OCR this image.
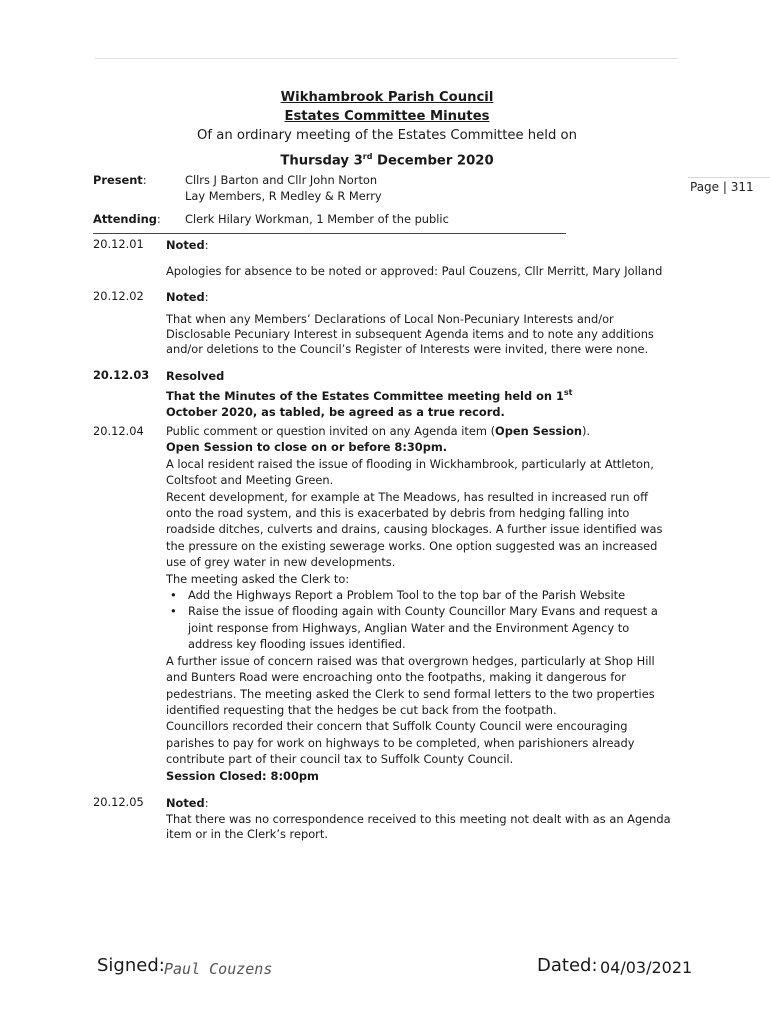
Page | 311
Wikhambrook Parish Council
Estates Committee Minutes
Of an ordinary meeting of the Estates Committee held on
Thursday 3rd December 2020
Present:	Cllrs J Barton and Cllr John Norton
Lay Members, R Medley & R Merry
Attending: Clerk Hilary Workman, 1 Member of the public
20.12.01 Noted:
Apologies for absence to be noted or approved: Paul Couzens, Cllr Merritt, Mary Jolland
20.12.02 Noted:
That when any Members’ Declarations of Local Non-Pecuniary Interests and/or Disclosable Pecuniary Interest in subsequent Agenda items and to note any additions and/or deletions to the Council’s Register of Interests were invited, there were none.
20.12.03 Resolved
That the Minutes of the Estates Committee meeting held on 1st October 2020, as tabled, be agreed as a true record.
20.12.04 Public comment or question invited on any Agenda item (Open Session).
Open Session to close on or before 8:30pm.
A local resident raised the issue of flooding in Wickhambrook, particularly at Attleton, Coltsfoot and Meeting Green.
Recent development, for example at The Meadows, has resulted in increased run off onto the road system, and this is exacerbated by debris from hedging falling into roadside ditches, culverts and drains, causing blockages. A further issue identified was the pressure on the existing sewerage works. One option suggested was an increased use of grey water in new developments.
The meeting asked the Clerk to:
• Add the Highways Report a Problem Tool to the top bar of the Parish Website
• Raise the issue of flooding again with County Councillor Mary Evans and request a joint response from Highways, Anglian Water and the Environment Agency to address key flooding issues identified.
A further issue of concern raised was that overgrown hedges, particularly at Shop Hill and Bunters Road were encroaching onto the footpaths, making it dangerous for pedestrians. The meeting asked the Clerk to send formal letters to the two properties identified requesting that the hedges be cut back from the footpath.
Councillors recorded their concern that Suffolk County Council were encouraging parishes to pay for work on highways to be completed, when parishioners already contribute part of their council tax to Suffolk County Council.
Session Closed: 8:00pm
20.12.05 Noted:
That there was no correspondence received to this meeting not dealt with as an Agenda item or in the Clerk’s report.
Signed: Paul Couzens	Dated: 04/03/2021
